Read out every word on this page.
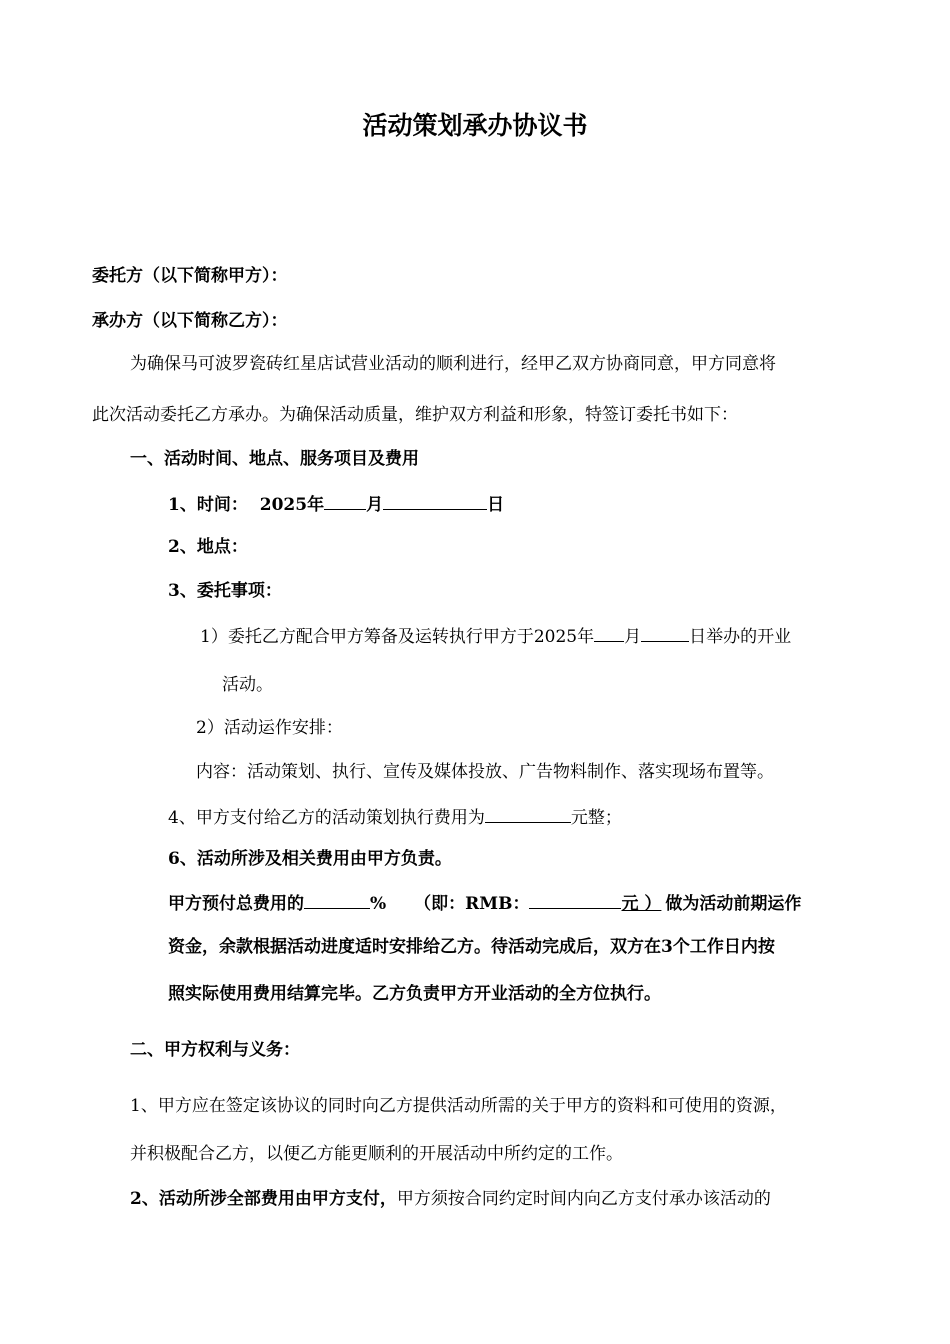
活动策划承办协议书
委托方（以下简称甲方）：
承办方（以下简称乙方）：
为确保马可波罗瓷砖红星店试营业活动的顺利进行，经甲乙双方协商同意，甲方同意将
此次活动委托乙方承办。为确保活动质量，维护双方利益和形象，特签订委托书如下：
一、活动时间、地点、服务项目及费用
1、时间： 2025年 月	日
2、地点：
3、委托事项：
1）委托乙方配合甲方筹备及运转执行甲方于2025年 月	日举办的开业
活动。
2）活动运作安排：
内容：活动策划、执行、宣传及媒体投放、广告物料制作、落实现场布置等。
4、甲方支付给乙方的活动策划执行费用为	元整；
6、活动所涉及相关费用由甲方负责。
甲方预付总费用的	% （即：RMB：	元 ） 做为活动前期运作
资金，余款根据活动进度适时安排给乙方。待活动完成后，双方在3个工作日内按
照实际使用费用结算完毕。乙方负责甲方开业活动的全方位执行。
二、甲方权利与义务：
1、甲方应在签定该协议的同时向乙方提供活动所需的关于甲方的资料和可使用的资源，
并积极配合乙方，以便乙方能更顺利的开展活动中所约定的工作。
2、活动所涉全部费用由甲方支付，甲方须按合同约定时间内向乙方支付承办该活动的
